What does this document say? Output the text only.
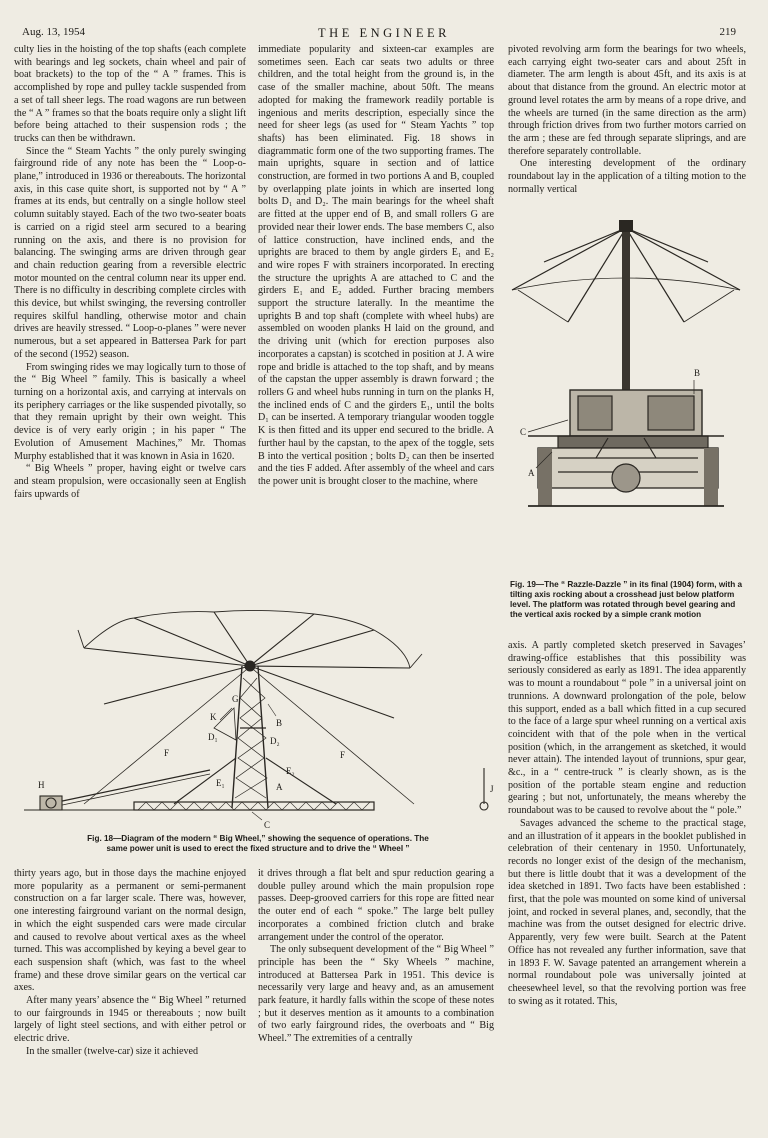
Aug. 13, 1954	THE ENGINEER	219

culty lies in the hoisting of the top shafts (each complete with bearings and leg sockets, chain wheel and pair of boat brackets) to the top of the “ A ” frames. This is accomplished by rope and pulley tackle suspended from a set of tall sheer legs. The road wagons are run between the “ A ” frames so that the boats require only a slight lift before being attached to their suspension rods ; the trucks can then be withdrawn.

Since the “ Steam Yachts ” the only purely swinging fairground ride of any note has been the “ Loop-o-plane,” introduced in 1936 or thereabouts. The horizontal axis, in this case quite short, is supported not by “ A ” frames at its ends, but centrally on a single hollow steel column suitably stayed. Each of the two two-seater boats is carried on a rigid steel arm secured to a bearing running on the axis, and there is no provision for balancing. The swinging arms are driven through gear and chain reduction gearing from a reversible electric motor mounted on the central column near its upper end. There is no difficulty in describing complete circles with this device, but whilst swinging, the reversing controller requires skilful handling, otherwise motor and chain drives are heavily stressed. “ Loop-o-planes ” were never numerous, but a set appeared in Battersea Park for part of the second (1952) season.

From swinging rides we may logically turn to those of the “ Big Wheel ” family. This is basically a wheel turning on a horizontal axis, and carrying at intervals on its periphery carriages or the like suspended pivotally, so that they remain upright by their own weight. This device is of very early origin ; in his paper “ The Evolution of Amusement Machines,” Mr. Thomas Murphy established that it was known in Asia in 1620.

“ Big Wheels ” proper, having eight or twelve cars and steam propulsion, were occasionally seen at English fairs upwards of

immediate popularity and sixteen-car examples are sometimes seen. Each car seats two adults or three children, and the total height from the ground is, in the case of the smaller machine, about 50ft. The means adopted for making the framework readily portable is ingenious and merits description, especially since the need for sheer legs (as used for “ Steam Yachts ” top shafts) has been eliminated. Fig. 18 shows in diagrammatic form one of the two supporting frames. The main uprights, square in section and of lattice construction, are formed in two portions A and B, coupled by overlapping plate joints in which are inserted long bolts D₁ and D₂. The main bearings for the wheel shaft are fitted at the upper end of B, and small rollers G are provided near their lower ends. The base members C, also of lattice construction, have inclined ends, and the uprights are braced to them by angle girders E₁ and E₂ and wire ropes F with strainers incorporated. In erecting the structure the uprights A are attached to C and the girders E₁ and E₂ added. Further bracing members support the structure laterally. In the meantime the uprights B and top shaft (complete with wheel hubs) are assembled on wooden planks H laid on the ground, and the driving unit (which for erection purposes also incorporates a capstan) is scotched in position at J. A wire rope and bridle is attached to the top shaft, and by means of the capstan the upper assembly is drawn forward ; the rollers G and wheel hubs running in turn on the planks H, the inclined ends of C and the girders E₁, until the bolts D₁ can be inserted. A temporary triangular wooden toggle K is then fitted and its upper end secured to the bridle. A further haul by the capstan, to the apex of the toggle, sets B into the vertical position ; bolts D₂ can then be inserted and the ties F added. After assembly of the wheel and cars the power unit is brought closer to the machine, where

pivoted revolving arm form the bearings for two wheels, each carrying eight two-seater cars and about 25ft in diameter. The arm length is about 45ft, and its axis is at about that distance from the ground. An electric motor at ground level rotates the arm by means of a rope drive, and the wheels are turned (in the same direction as the arm) through friction drives from two further motors carried on the arm ; these are fed through separate sliprings, and are therefore separately controllable.

One interesting development of the ordinary roundabout lay in the application of a tilting motion to the normally vertical

B
C
A
Fig. 19—The “ Razzle-Dazzle ” in its final (1904) form, with a tilting axis rocking about a crosshead just below platform level. The platform was rotated through bevel gearing and the vertical axis rocked by a simple crank motion

axis. A partly completed sketch preserved in Savages’ drawing-office establishes that this possibility was seriously considered as early as 1891. The idea apparently was to mount a roundabout “ pole ” in a universal joint on trunnions. A downward prolongation of the pole, below this support, ended as a ball which fitted in a cup secured to the face of a large spur wheel running on a vertical axis coincident with that of the pole when in the vertical position (which, in the arrangement as sketched, it would never attain). The intended layout of trunnions, spur gear, &c., in a “ centre-truck ” is clearly shown, as is the position of the portable steam engine and reduction gearing ; but not, unfortunately, the means whereby the roundabout was to be caused to revolve about the “ pole.”

Savages advanced the scheme to the practical stage, and an illustration of it appears in the booklet published in celebration of their centenary in 1950. Unfortunately, records no longer exist of the design of the mechanism, but there is little doubt that it was a development of the idea sketched in 1891. Two facts have been established : first, that the pole was mounted on some kind of universal joint, and rocked in several planes, and, secondly, that the machine was from the outset designed for electric drive. Apparently, very few were built. Search at the Patent Office has not revealed any further information, save that in 1893 F. W. Savage patented an arrangement wherein a normal roundabout pole was universally jointed at cheesewheel level, so that the revolving portion was free to swing as it rotated. This,

G
K
B
D₁	D₂
F	F
E₂
E₁	A
H
C
J
Fig. 18—Diagram of the modern “ Big Wheel,” showing the sequence of operations. The
same power unit is used to erect the fixed structure and to drive the “ Wheel ”

thirty years ago, but in those days the machine enjoyed more popularity as a permanent or semi-permanent construction on a far larger scale. There was, however, one interesting fairground variant on the normal design, in which the eight suspended cars were made circular and caused to revolve about vertical axes as the wheel turned. This was accomplished by keying a bevel gear to each suspension shaft (which, was fast to the wheel frame) and these drove similar gears on the vertical car axes.

After many years’ absence the “ Big Wheel ” returned to our fairgrounds in 1945 or thereabouts ; now built largely of light steel sections, and with either petrol or electric drive.

In the smaller (twelve-car) size it achieved

it drives through a flat belt and spur reduction gearing a double pulley around which the main propulsion rope passes. Deep-grooved carriers for this rope are fitted near the outer end of each “ spoke.” The large belt pulley incorporates a combined friction clutch and brake arrangement under the control of the operator.

The only subsequent development of the “ Big Wheel ” principle has been the “ Sky Wheels ” machine, introduced at Battersea Park in 1951. This device is necessarily very large and heavy and, as an amusement park feature, it hardly falls within the scope of these notes ; but it deserves mention as it amounts to a combination of two early fairground rides, the overboats and “ Big Wheel.” The extremities of a centrally
